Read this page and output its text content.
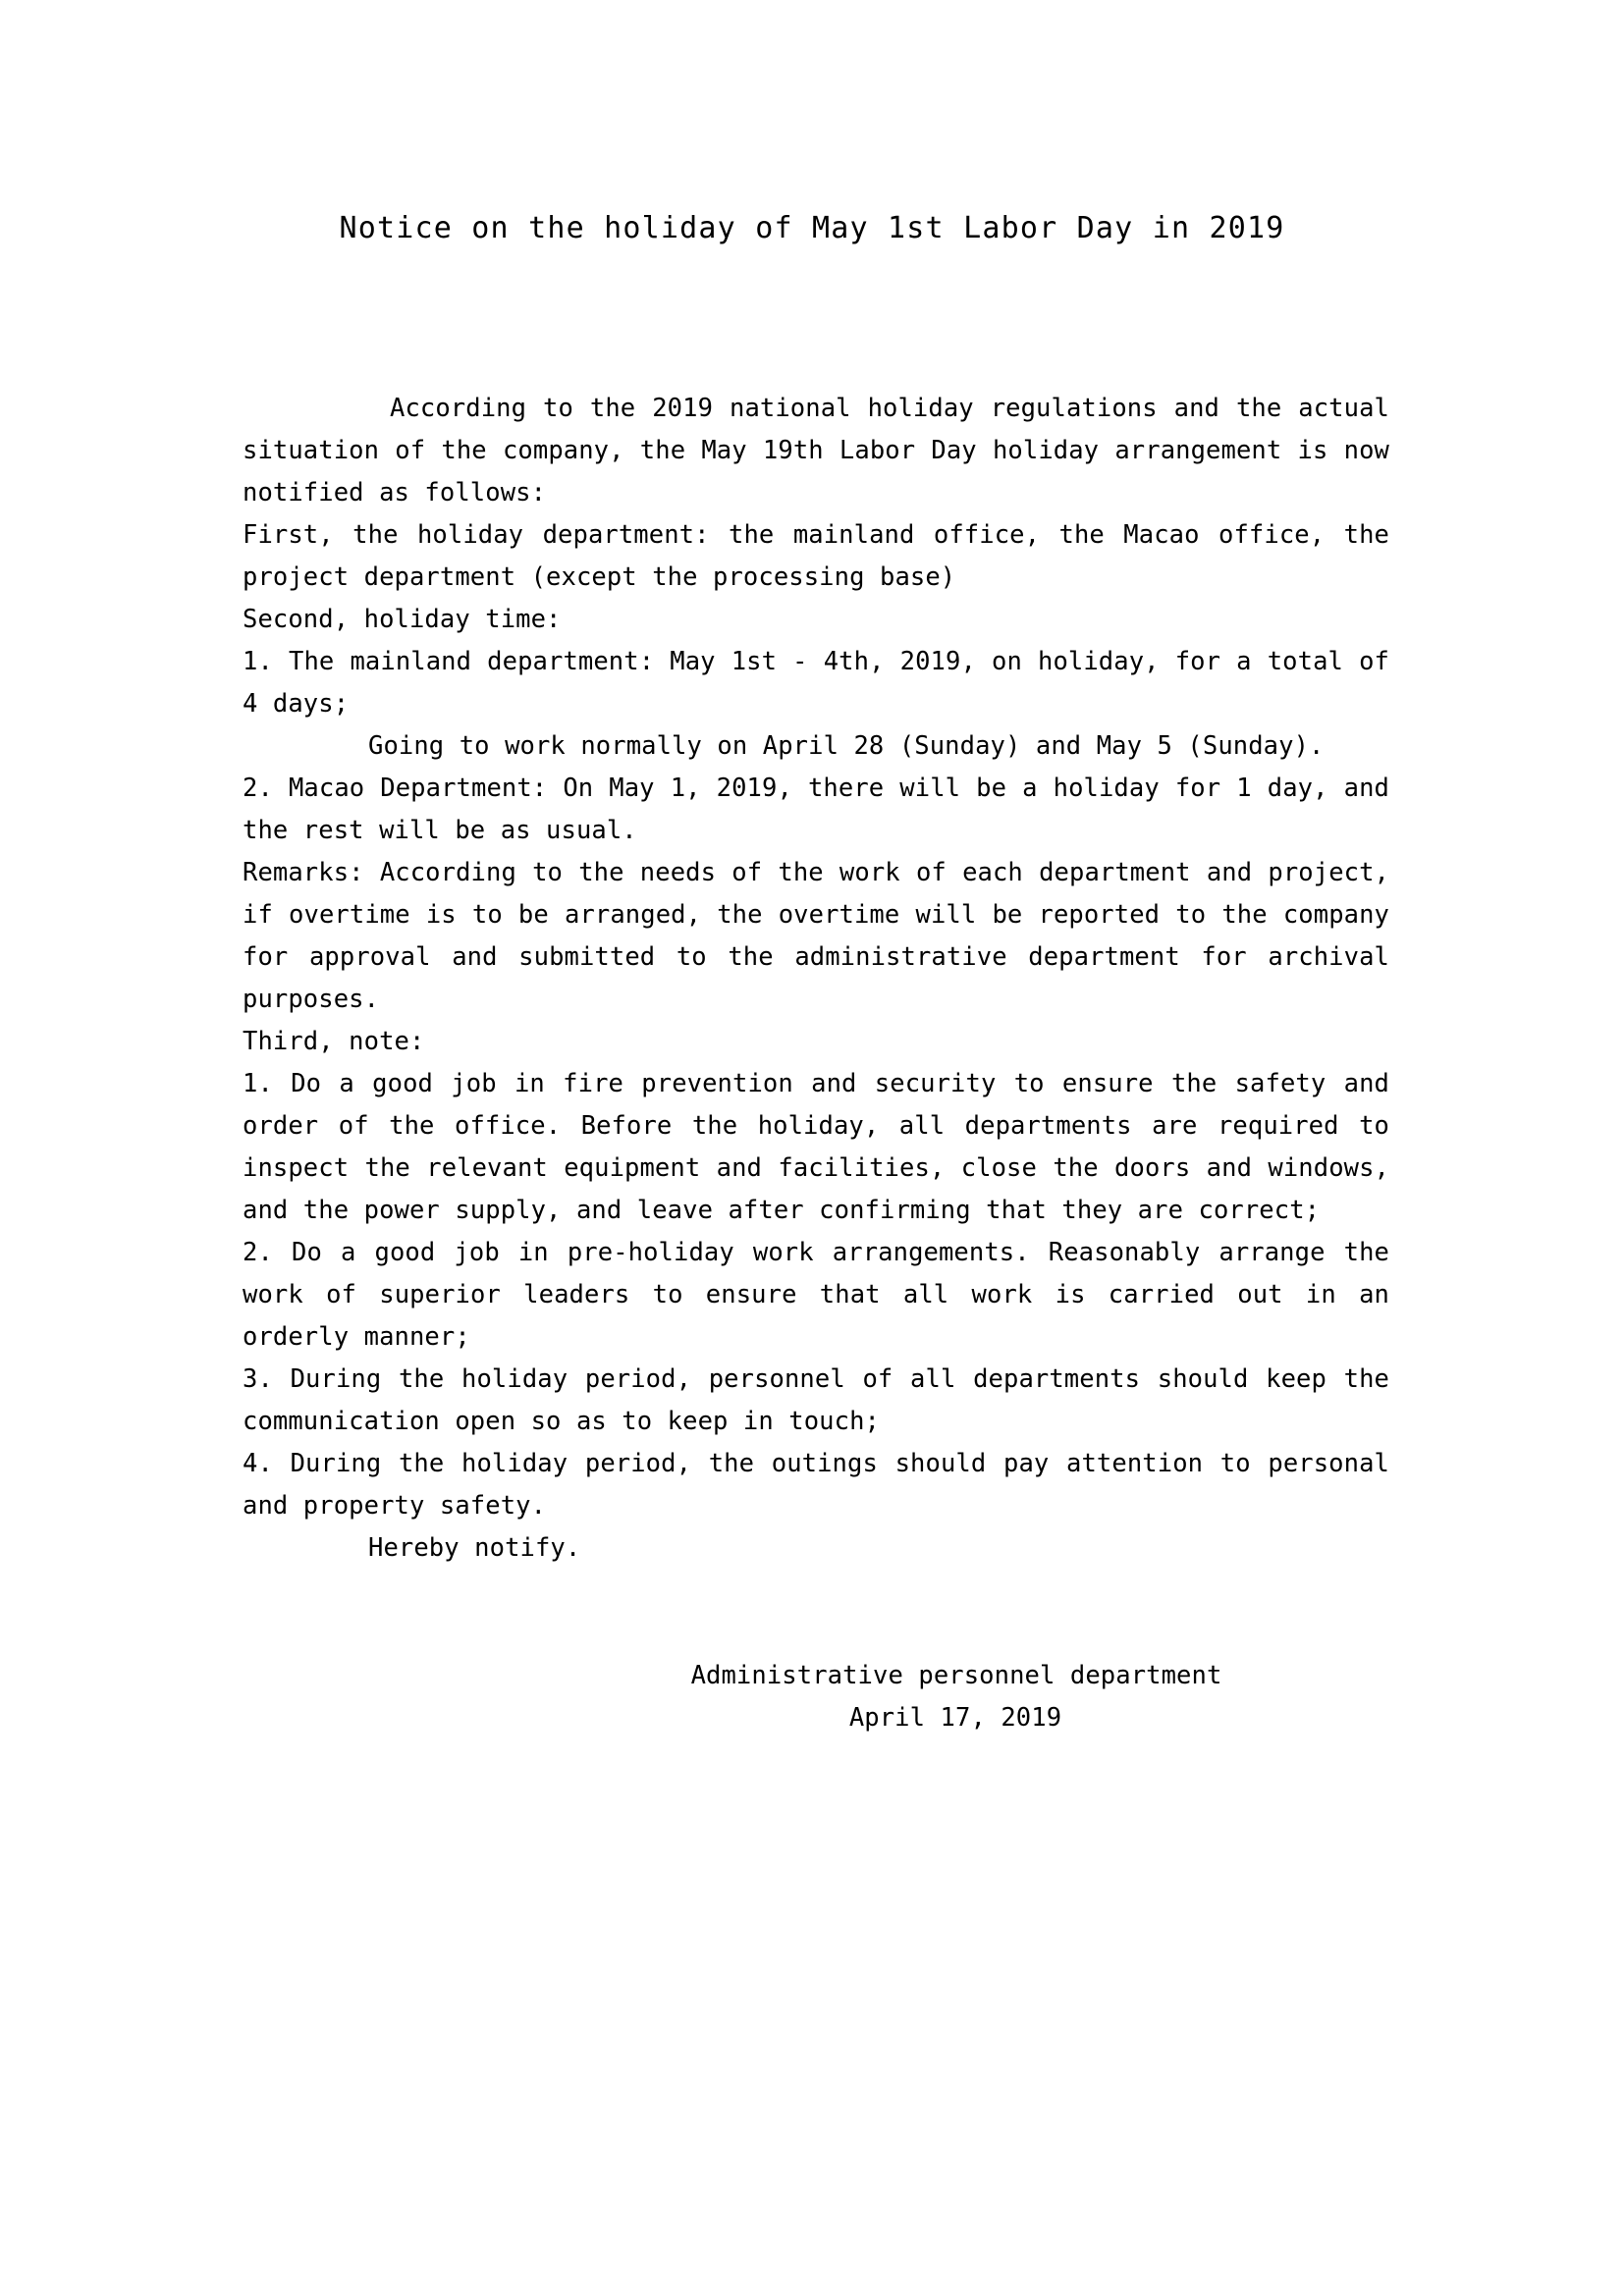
Notice on the holiday of May 1st Labor Day in 2019

According to the 2019 national holiday regulations and the actual situation of the company, the May 19th Labor Day holiday arrangement is now notified as follows:

First, the holiday department: the mainland office, the Macao office, the project department (except the processing base)

Second, holiday time:

1. The mainland department: May 1st - 4th, 2019, on holiday, for a total of 4 days;

Going to work normally on April 28 (Sunday) and May 5 (Sunday).

2. Macao Department: On May 1, 2019, there will be a holiday for 1 day, and the rest will be as usual.

Remarks: According to the needs of the work of each department and project, if overtime is to be arranged, the overtime will be reported to the company for approval and submitted to the administrative department for archival purposes.

Third, note:

1. Do a good job in fire prevention and security to ensure the safety and order of the office. Before the holiday, all departments are required to inspect the relevant equipment and facilities, close the doors and windows, and the power supply, and leave after confirming that they are correct;

2. Do a good job in pre-holiday work arrangements. Reasonably arrange the work of superior leaders to ensure that all work is carried out in an orderly manner;

3. During the holiday period, personnel of all departments should keep the communication open so as to keep in touch;

4. During the holiday period, the outings should pay attention to personal and property safety.

Hereby notify.

Administrative personnel department
April 17, 2019
